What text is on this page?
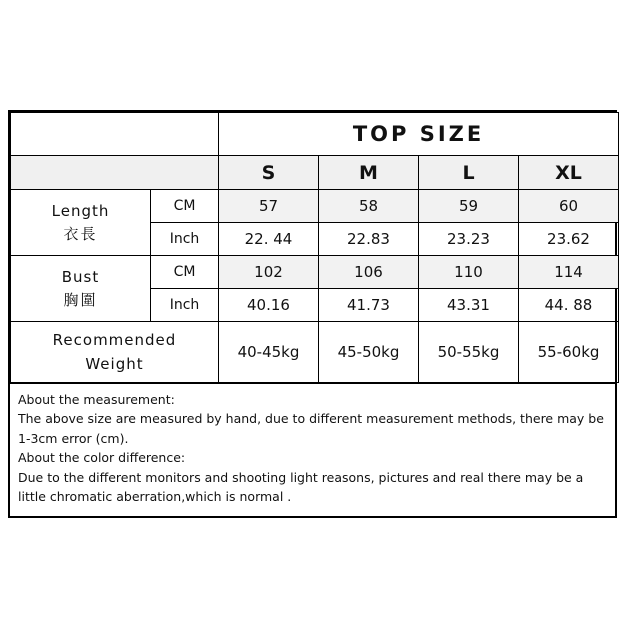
		TOP SIZE			
		S	M	L	XL

Length
衣長	CM	57	58	59	60
	Inch	22. 44	22.83	23.23	23.62

Bust
胸圍	CM	102	106	110	114
	Inch	40.16	41.73	43.31	44. 88

Recommended
Weight		40-45kg	45-50kg	50-55kg	55-60kg

About the measurement:

The above size are measured by hand, due to different measurement methods, there may be 1-3cm error (cm).

About the color difference:

Due to the different monitors and shooting light reasons, pictures and real there may be a little chromatic aberration,which is normal .
